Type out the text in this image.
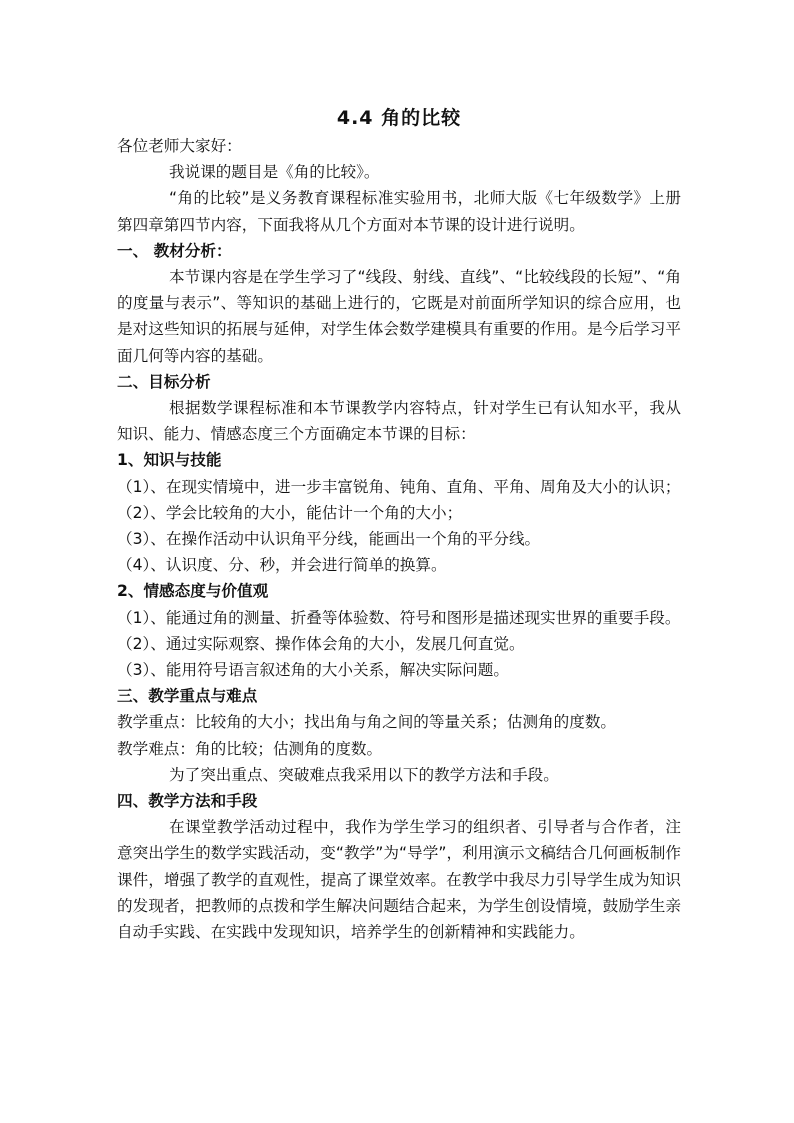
4.4 角的比较

各位老师大家好：

我说课的题目是《角的比较》。

“角的比较”是义务教育课程标准实验用书，北师大版《七年级数学》上册第四章第四节内容，下面我将从几个方面对本节课的设计进行说明。

一、 教材分析：

本节课内容是在学生学习了“线段、射线、直线”、“比较线段的长短”、“角的度量与表示”、等知识的基础上进行的，它既是对前面所学知识的综合应用，也是对这些知识的拓展与延伸，对学生体会数学建模具有重要的作用。是今后学习平面几何等内容的基础。

二、目标分析

根据数学课程标准和本节课教学内容特点，针对学生已有认知水平，我从知识、能力、情感态度三个方面确定本节课的目标：

1、知识与技能

（1）、在现实情境中，进一步丰富锐角、钝角、直角、平角、周角及大小的认识；

（2）、学会比较角的大小，能估计一个角的大小；

（3）、在操作活动中认识角平分线，能画出一个角的平分线。

（4）、认识度、分、秒，并会进行简单的换算。

2、情感态度与价值观

（1）、能通过角的测量、折叠等体验数、符号和图形是描述现实世界的重要手段。

（2）、通过实际观察、操作体会角的大小，发展几何直觉。

（3）、能用符号语言叙述角的大小关系，解决实际问题。

三、教学重点与难点

教学重点：比较角的大小；找出角与角之间的等量关系；估测角的度数。

教学难点：角的比较；估测角的度数。

为了突出重点、突破难点我采用以下的教学方法和手段。

四、教学方法和手段

在课堂教学活动过程中，我作为学生学习的组织者、引导者与合作者，注意突出学生的数学实践活动，变“教学”为“导学”，利用演示文稿结合几何画板制作课件，增强了教学的直观性，提高了课堂效率。在教学中我尽力引导学生成为知识的发现者，把教师的点拨和学生解决问题结合起来，为学生创设情境，鼓励学生亲自动手实践、在实践中发现知识，培养学生的创新精神和实践能力。
